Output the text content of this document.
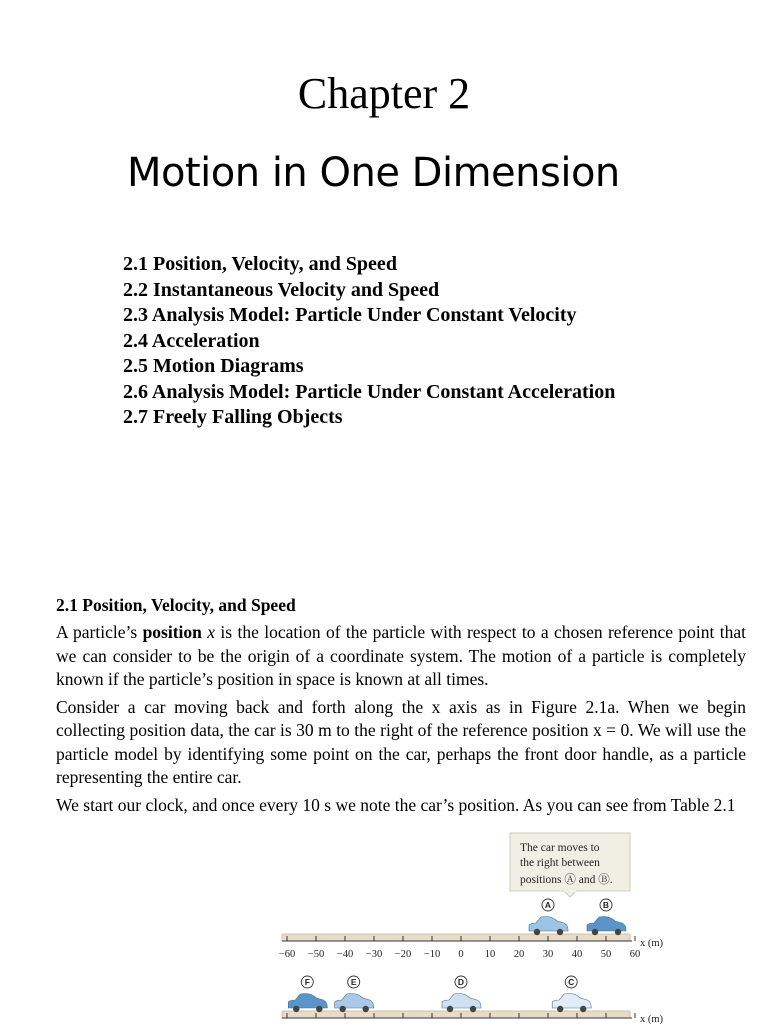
Chapter 2
Motion in One Dimension
2.1 Position, Velocity, and Speed
2.2 Instantaneous Velocity and Speed
2.3 Analysis Model: Particle Under Constant Velocity
2.4 Acceleration
2.5 Motion Diagrams
2.6 Analysis Model: Particle Under Constant Acceleration
2.7 Freely Falling Objects
2.1 Position, Velocity, and Speed

A particle’s position x is the location of the particle with respect to a chosen reference point that we can consider to be the origin of a coordinate system. The motion of a particle is completely known if the particle’s position in space is known at all times.

Consider a car moving back and forth along the x axis as in Figure 2.1a. When we begin collecting position data, the car is 30 m to the right of the reference position x = 0. We will use the particle model by identifying some point on the car, perhaps the front door handle, as a particle representing the entire car.

We start our clock, and once every 10 s we note the car’s position. As you can see from Table 2.1

The car moves to
the right between
positions Ⓐ and Ⓑ.
x (m)
−60 −50 −40 −30 −20 −10 0 10 20 30 40 50 60
A	B
x (m)
F	E	D	C
